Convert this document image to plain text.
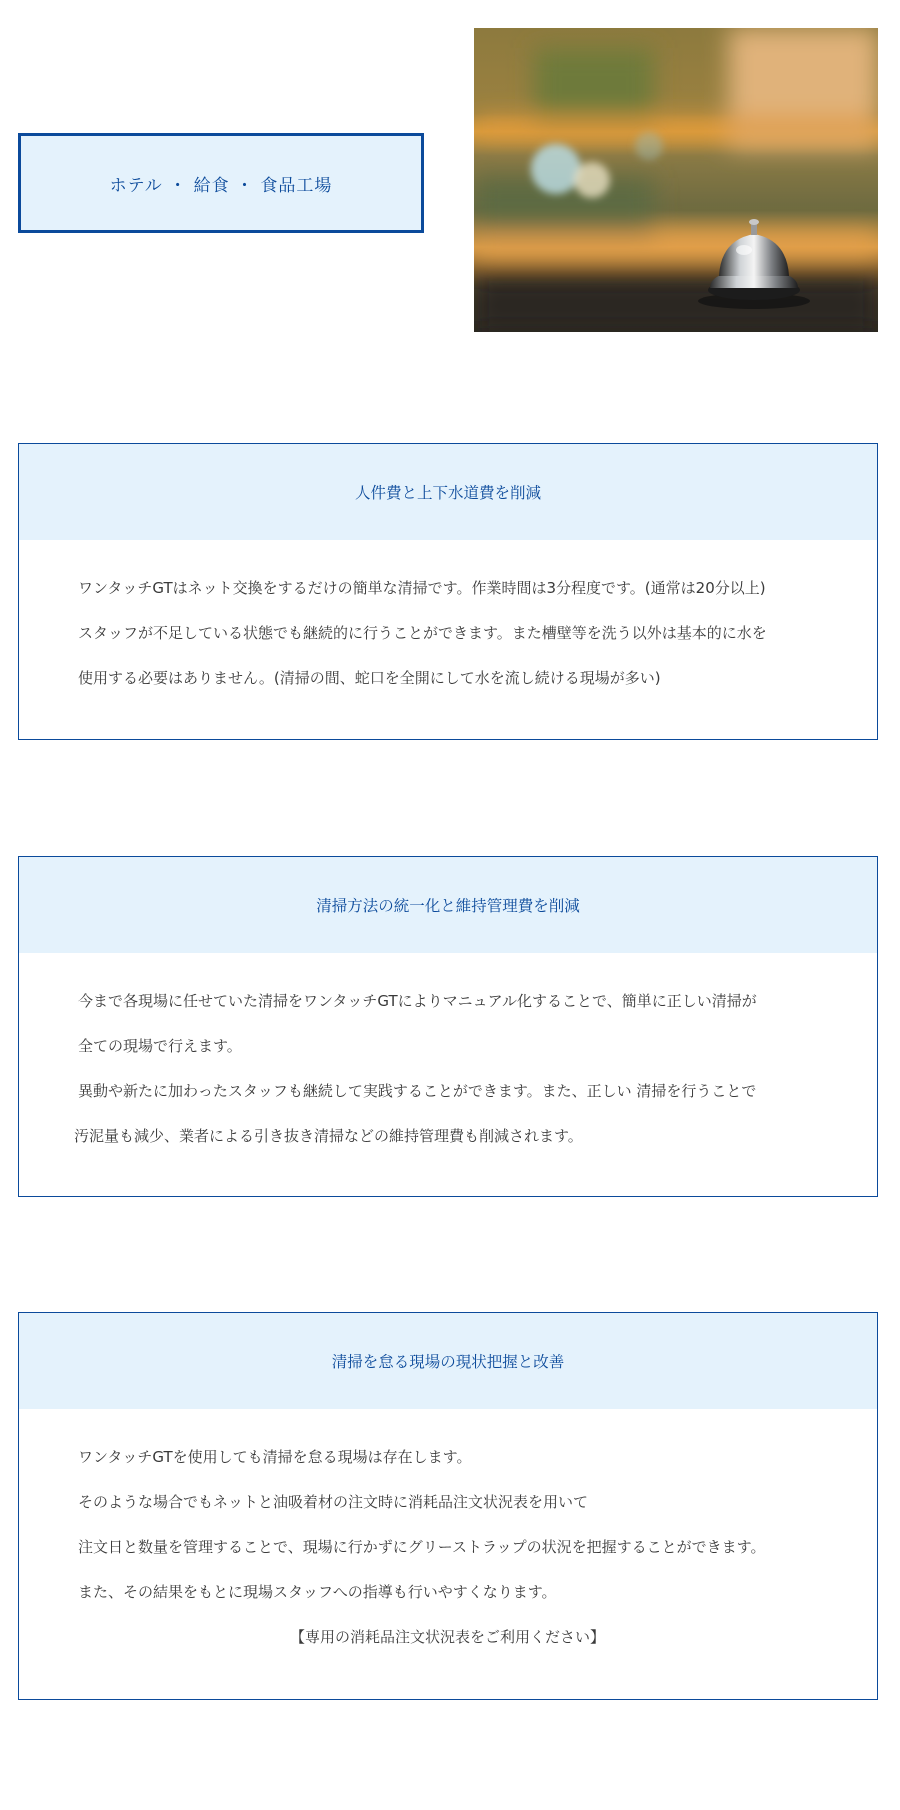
ホテル ・ 給食 ・ 食品工場
人件費と上下水道費を削減

ワンタッチGTはネット交換をするだけの簡単な清掃です。作業時間は3分程度です。(通常は20分以上)

スタッフが不足している状態でも継続的に行うことができます。また槽壁等を洗う以外は基本的に水を

使用する必要はありません。(清掃の間、蛇口を全開にして水を流し続ける現場が多い)

清掃方法の統一化と維持管理費を削減

今まで各現場に任せていた清掃をワンタッチGTによりマニュアル化することで、簡単に正しい清掃が

全ての現場で行えます。

異動や新たに加わったスタッフも継続して実践することができます。また、正しい 清掃を行うことで

汚泥量も減少、業者による引き抜き清掃などの維持管理費も削減されます。

清掃を怠る現場の現状把握と改善

ワンタッチGTを使用しても清掃を怠る現場は存在します。

そのような場合でもネットと油吸着材の注文時に消耗品注文状況表を用いて

注文日と数量を管理することで、現場に行かずにグリーストラップの状況を把握することができます。

また、その結果をもとに現場スタッフへの指導も行いやすくなります。

【専用の消耗品注文状況表をご利用ください】
